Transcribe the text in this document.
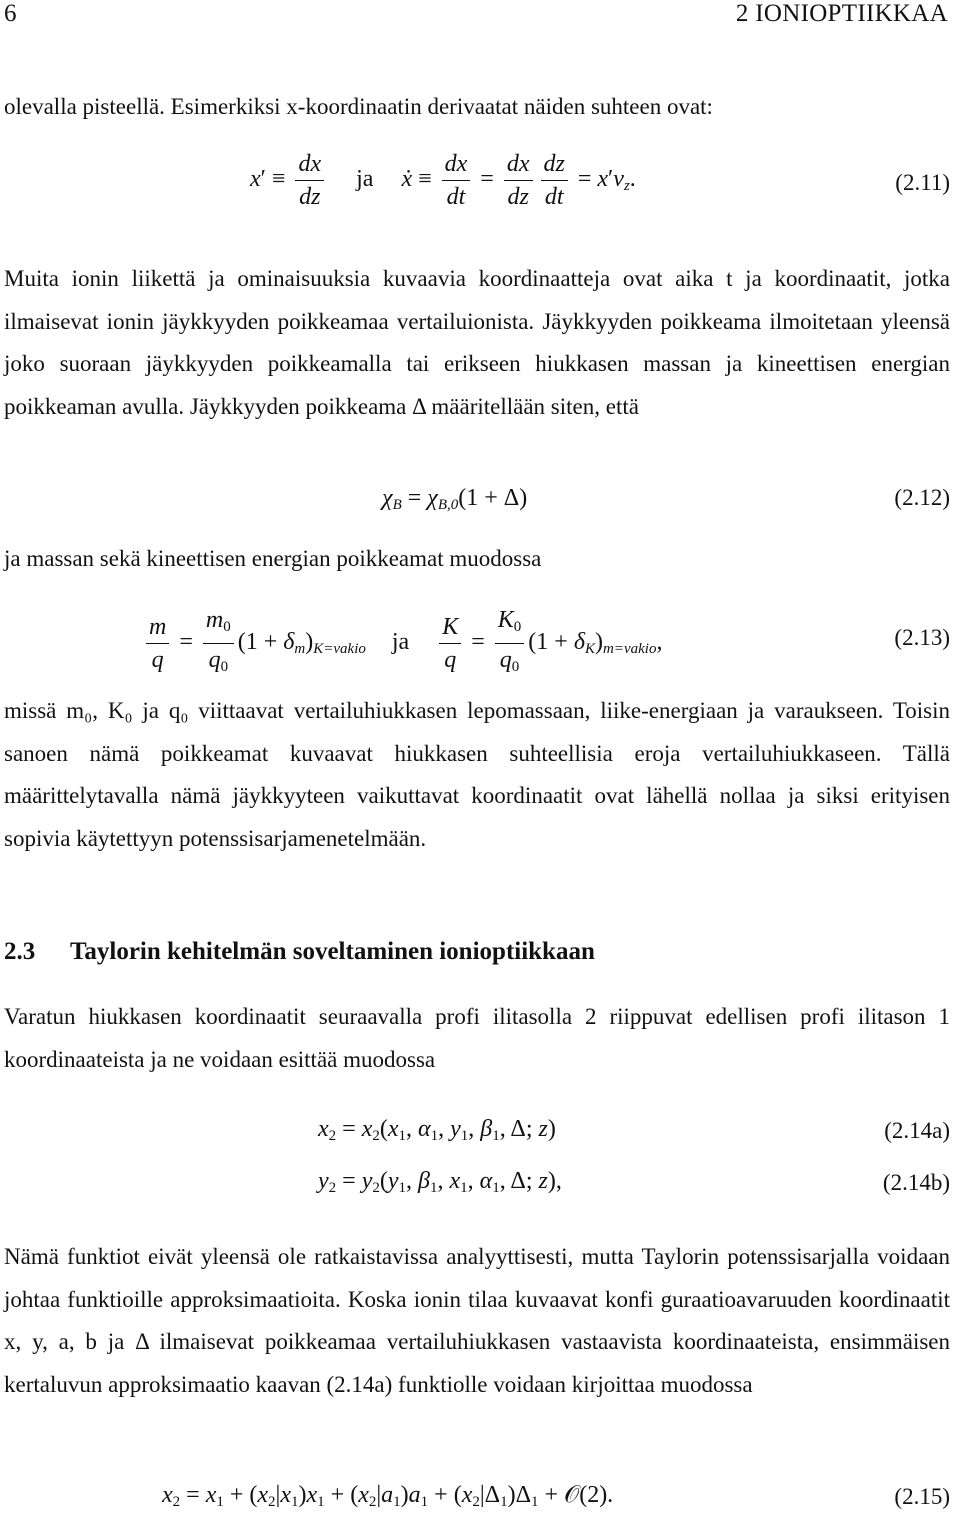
6	2 IONIOPTIIKKAA

olevalla pisteellä. Esimerkiksi x-koordinaatin derivaatat näiden suhteen ovat:

$x' \equiv \frac{dx}{dz}$ ja ẋ ≡ $\frac{dx}{dt} = \frac{dx}{dz} \frac{dz}{dt} = x'v_z$.	(2.11)

Muita ionin liikettä ja ominaisuuksia kuvaavia koordinaatteja ovat aika t ja koordinaatit, jotka ilmaisevat ionin jäykkyyden poikkeamaa vertailuionista. Jäykkyyden poikkeama ilmoitetaan yleensä joko suoraan jäykkyyden poikkeamalla tai erikseen hiukkasen massan ja kineettisen energian poikkeaman avulla. Jäykkyyden poikkeama Δ määritellään siten, että

$\chi_B = \chi_{B,0}(1 + \Delta)$	(2.12)

ja massan sekä kineettisen energian poikkeamat muodossa

$\frac{m}{q} = \frac{m_0}{q_0} (1 + \delta_m)_{K=vakio}$ ja $\frac{K}{q} = \frac{K_0}{q_0} (1 + \delta_K)_{m=vakio}$,	(2.13)

missä m₀, K₀ ja q₀ viittaavat vertailuhiukkasen lepomassaan, liike-energiaan ja varaukseen. Toisin sanoen nämä poikkeamat kuvaavat hiukkasen suhteellisia eroja vertailuhiukkaseen. Tällä määrittelytavalla nämä jäykkyyteen vaikuttavat koordinaatit ovat lähellä nollaa ja siksi erityisen sopivia käytettyyn potenssisarjamenetelmään.

2.3 Taylorin kehitelmän soveltaminen ionioptiikkaan

Varatun hiukkasen koordinaatit seuraavalla profi ilitasolla 2 riippuvat edellisen profi ilitason 1 koordinaateista ja ne voidaan esittää muodossa

$x_2 = x_2(x_1$, $\alpha_1$, $y_1$, $\beta_1$, Δ; z)	(2.14a)
$y_2 = y_2(y_1$, $\beta_1$, $x_1$, $\alpha_1$, Δ; z),	(2.14b)

Nämä funktiot eivät yleensä ole ratkaistavissa analyyttisesti, mutta Taylorin potenssisarjalla voidaan johtaa funktioille approksimaatioita. Koska ionin tilaa kuvaavat konfi guraatioavaruuden koordinaatit x, y, a, b ja Δ ilmaisevat poikkeamaa vertailuhiukkasen vastaavista koordinaateista, ensimmäisen kertaluvun approksimaatio kaavan (2.14a) funktiolle voidaan kirjoittaa muodossa

$x_2 = x_1 + (x_2|x_1)x_1 + (x_2|a_1)a_1 + (x_2|\Delta_1)\Delta_1$ + 𝒪(2).	(2.15)
